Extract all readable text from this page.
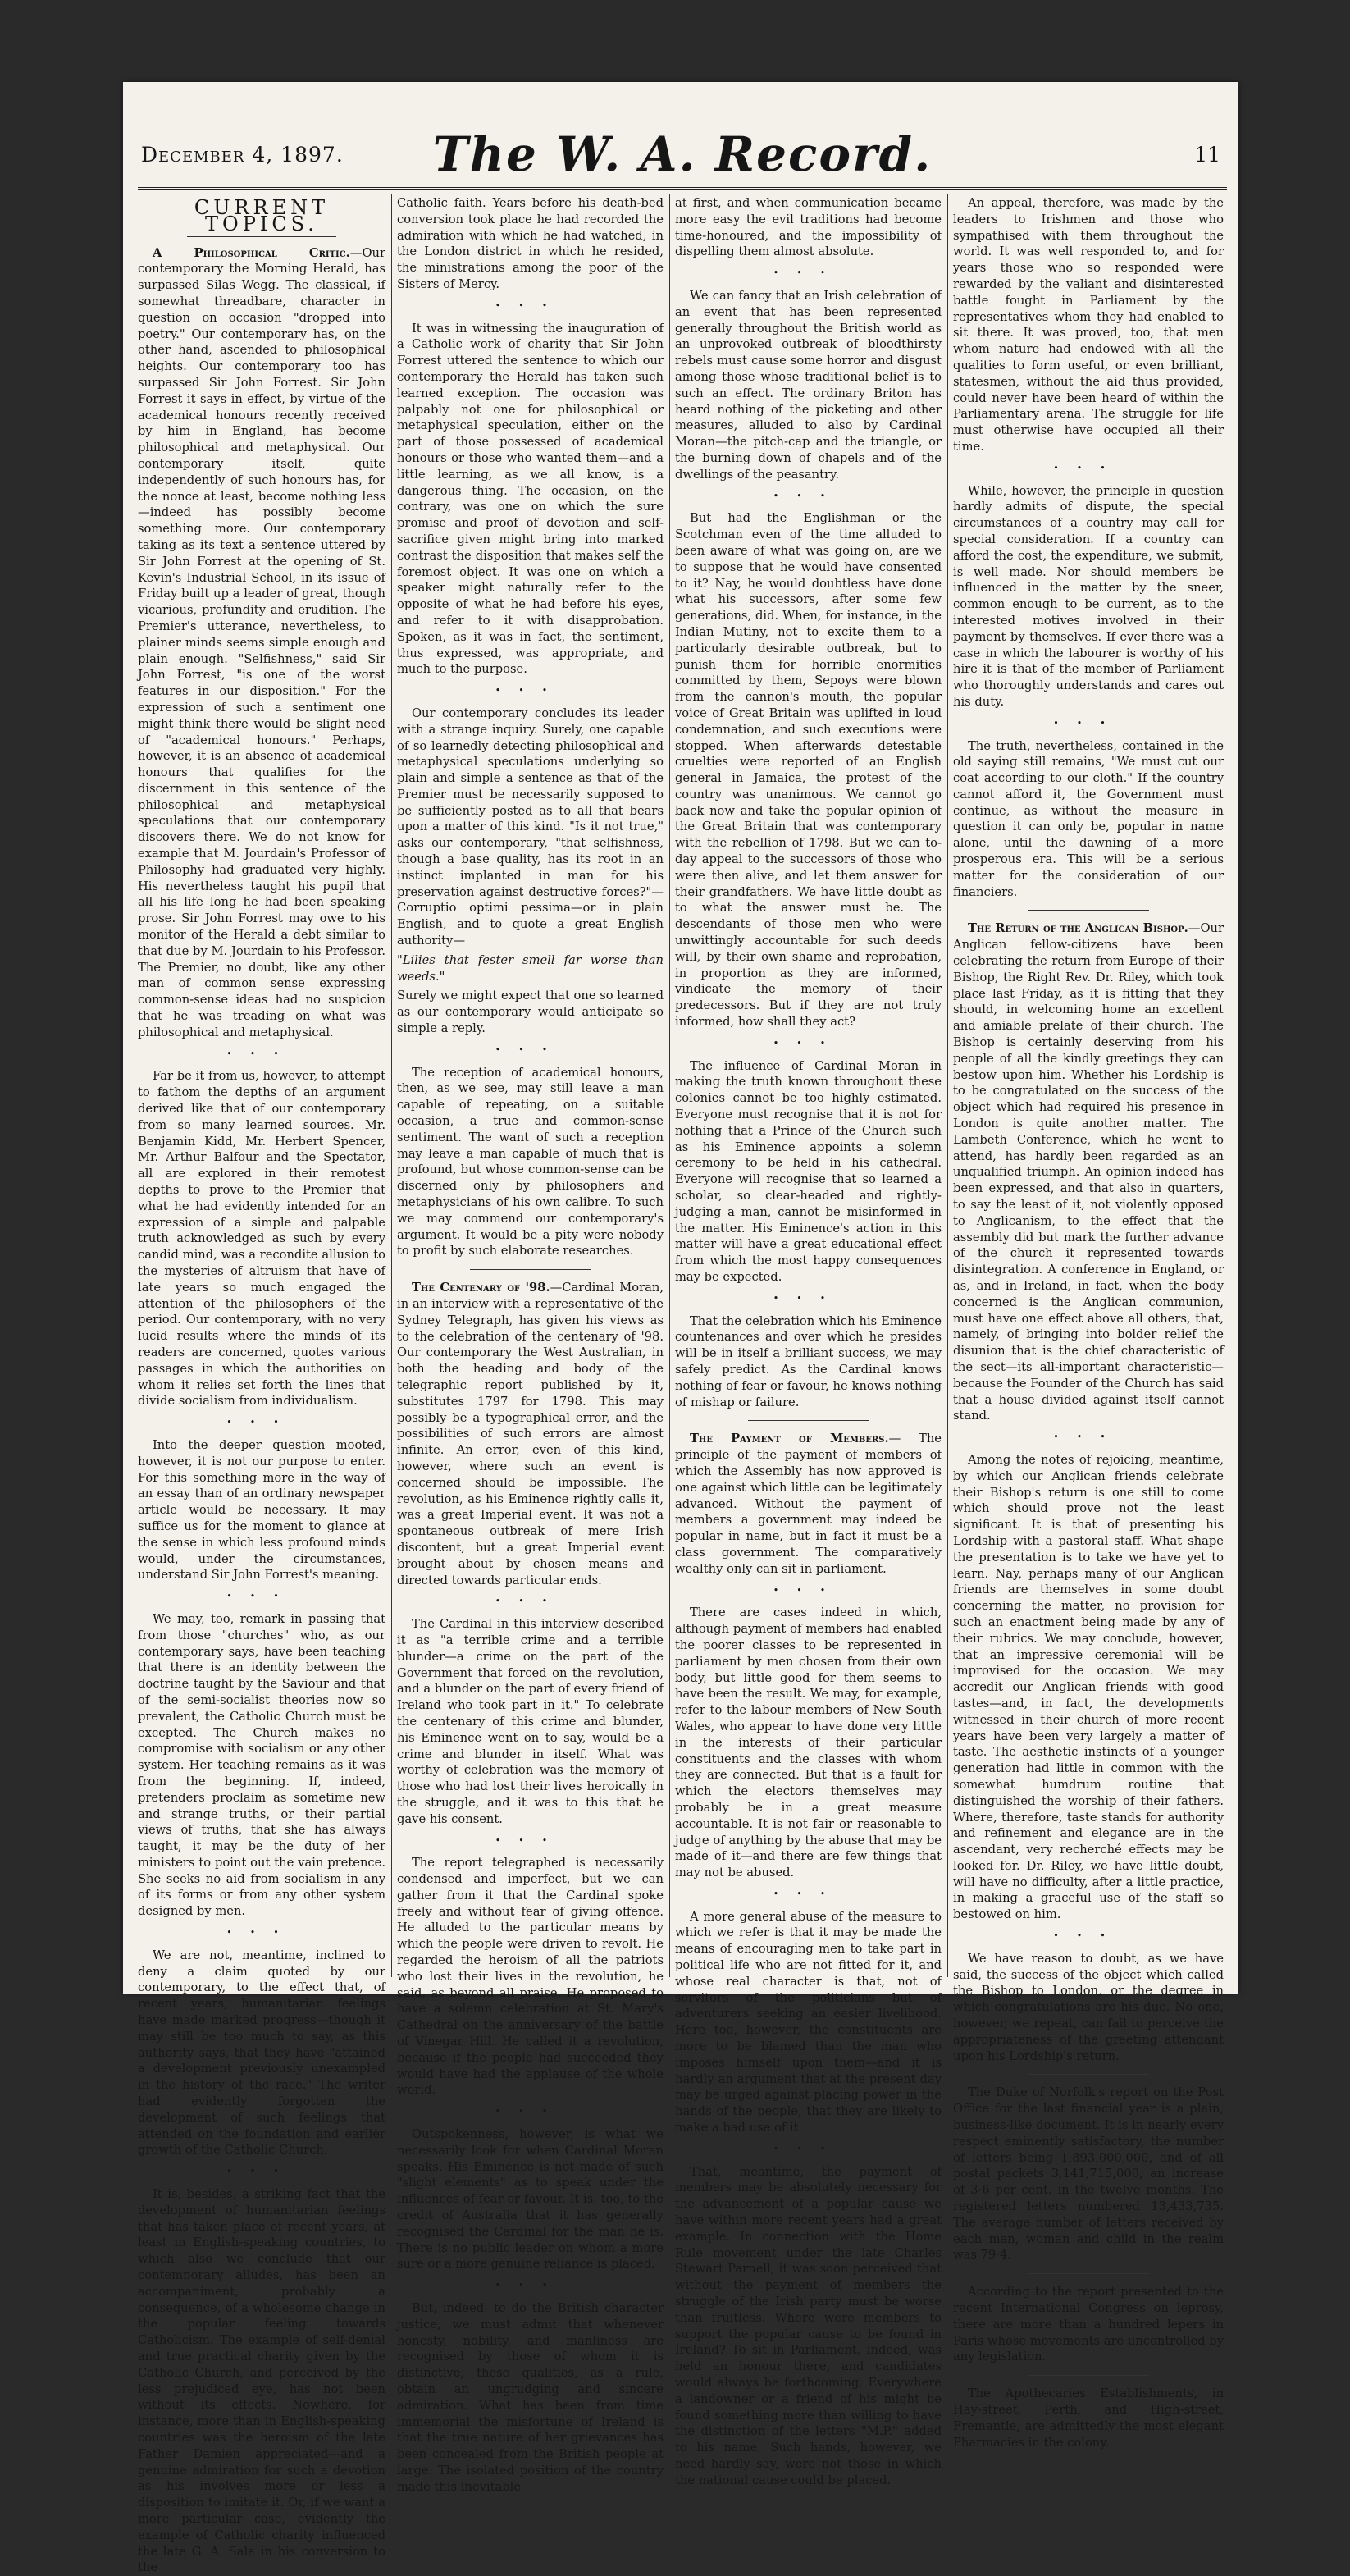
December 4, 1897.	The W. A. Record.	11
CURRENT TOPICS.

A Philosophical Critic.—Our contemporary the Morning Herald, has surpassed Silas Wegg. The classical, if somewhat threadbare, character in question on occasion "dropped into poetry." Our contemporary has, on the other hand, ascended to philosophical heights. Our contemporary too has surpassed Sir John Forrest. Sir John Forrest it says in effect, by virtue of the academical honours recently received by him in England, has become philosophical and metaphysical. Our contemporary itself, quite independently of such honours has, for the nonce at least, become nothing less—indeed has possibly become something more. Our contemporary taking as its text a sentence uttered by Sir John Forrest at the opening of St. Kevin's Industrial School, in its issue of Friday built up a leader of great, though vicarious, profundity and erudition. The Premier's utterance, nevertheless, to plainer minds seems simple enough and plain enough. "Selfishness," said Sir John Forrest, "is one of the worst features in our disposition." For the expression of such a sentiment one might think there would be slight need of "academical honours." Perhaps, however, it is an absence of academical honours that qualifies for the discernment in this sentence of the philosophical and metaphysical speculations that our contemporary discovers there. We do not know for example that M. Jourdain's Professor of Philosophy had graduated very highly. His nevertheless taught his pupil that all his life long he had been speaking prose. Sir John Forrest may owe to his monitor of the Herald a debt similar to that due by M. Jourdain to his Professor. The Premier, no doubt, like any other man of common sense expressing common-sense ideas had no suspicion that he was treading on what was philosophical and metaphysical.

•••

Far be it from us, however, to attempt to fathom the depths of an argument derived like that of our contemporary from so many learned sources. Mr. Benjamin Kidd, Mr. Herbert Spencer, Mr. Arthur Balfour and the Spectator, all are explored in their remotest depths to prove to the Premier that what he had evidently intended for an expression of a simple and palpable truth acknowledged as such by every candid mind, was a recondite allusion to the mysteries of altruism that have of late years so much engaged the attention of the philosophers of the period. Our contemporary, with no very lucid results where the minds of its readers are concerned, quotes various passages in which the authorities on whom it relies set forth the lines that divide socialism from individualism.

•••

Into the deeper question mooted, however, it is not our purpose to enter. For this something more in the way of an essay than of an ordinary newspaper article would be necessary. It may suffice us for the moment to glance at the sense in which less profound minds would, under the circumstances, understand Sir John Forrest's meaning.

•••

We may, too, remark in passing that from those "churches" who, as our contemporary says, have been teaching that there is an identity between the doctrine taught by the Saviour and that of the semi-socialist theories now so prevalent, the Catholic Church must be excepted. The Church makes no compromise with socialism or any other system. Her teaching remains as it was from the beginning. If, indeed, pretenders proclaim as sometime new and strange truths, or their partial views of truths, that she has always taught, it may be the duty of her ministers to point out the vain pretence. She seeks no aid from socialism in any of its forms or from any other system designed by men.

•••

We are not, meantime, inclined to deny a claim quoted by our contemporary, to the effect that, of recent years, humanitarian feelings have made marked progress—though it may still be too much to say, as this authority says, that they have "attained a development previously unexampled in the history of the race." The writer had evidently forgotten the development of such feelings that attended on the foundation and earlier growth of the Catholic Church.

•••

It is, besides, a striking fact that the development of humanitarian feelings that has taken place of recent years, at least in English-speaking countries, to which also we conclude that our contemporary alludes, has been an accompaniment, probably a consequence, of a wholesome change in the popular feeling towards Catholicism. The example of self-denial and true practical charity given by the Catholic Church, and perceived by the less prejudiced eye, has not been without its effects. Nowhere, for instance, more than in English-speaking countries was the heroism of the late Father Damien appreciated—and a genuine admiration for such a devotion as his involves more or less a disposition to imitate it. Or, if we want a more particular case, evidently the example of Catholic charity influenced the late G. A. Sala in his conversion to the

Catholic faith. Years before his death-bed conversion took place he had recorded the admiration with which he had watched, in the London district in which he resided, the ministrations among the poor of the Sisters of Mercy.

•••

It was in witnessing the inauguration of a Catholic work of charity that Sir John Forrest uttered the sentence to which our contemporary the Herald has taken such learned exception. The occasion was palpably not one for philosophical or metaphysical speculation, either on the part of those possessed of academical honours or those who wanted them—and a little learning, as we all know, is a dangerous thing. The occasion, on the contrary, was one on which the sure promise and proof of devotion and self-sacrifice given might bring into marked contrast the disposition that makes self the foremost object. It was one on which a speaker might naturally refer to the opposite of what he had before his eyes, and refer to it with disapprobation. Spoken, as it was in fact, the sentiment, thus expressed, was appropriate, and much to the purpose.

•••

Our contemporary concludes its leader with a strange inquiry. Surely, one capable of so learnedly detecting philosophical and metaphysical speculations underlying so plain and simple a sentence as that of the Premier must be necessarily supposed to be sufficiently posted as to all that bears upon a matter of this kind. "Is it not true," asks our contemporary, "that selfishness, though a base quality, has its root in an instinct implanted in man for his preservation against destructive forces?"—Corruptio optimi pessima—or in plain English, and to quote a great English authority—

"Lilies that fester smell far worse than weeds."

Surely we might expect that one so learned as our contemporary would anticipate so simple a reply.

•••

The reception of academical honours, then, as we see, may still leave a man capable of repeating, on a suitable occasion, a true and common-sense sentiment. The want of such a reception may leave a man capable of much that is profound, but whose common-sense can be discerned only by philosophers and metaphysicians of his own calibre. To such we may commend our contemporary's argument. It would be a pity were nobody to profit by such elaborate researches.

The Centenary of '98.—Cardinal Moran, in an interview with a representative of the Sydney Telegraph, has given his views as to the celebration of the centenary of '98. Our contemporary the West Australian, in both the heading and body of the telegraphic report published by it, substitutes 1797 for 1798. This may possibly be a typographical error, and the possibilities of such errors are almost infinite. An error, even of this kind, however, where such an event is concerned should be impossible. The revolution, as his Eminence rightly calls it, was a great Imperial event. It was not a spontaneous outbreak of mere Irish discontent, but a great Imperial event brought about by chosen means and directed towards particular ends.

•••

The Cardinal in this interview described it as "a terrible crime and a terrible blunder—a crime on the part of the Government that forced on the revolution, and a blunder on the part of every friend of Ireland who took part in it." To celebrate the centenary of this crime and blunder, his Eminence went on to say, would be a crime and blunder in itself. What was worthy of celebration was the memory of those who had lost their lives heroically in the struggle, and it was to this that he gave his consent.

•••

The report telegraphed is necessarily condensed and imperfect, but we can gather from it that the Cardinal spoke freely and without fear of giving offence. He alluded to the particular means by which the people were driven to revolt. He regarded the heroism of all the patriots who lost their lives in the revolution, he said, as beyond all praise. He proposed to have a solemn celebration at St. Mary's Cathedral on the anniversary of the battle of Vinegar Hill. He called it a revolution, because if the people had succeeded they would have had the applause of the whole world.

•••

Outspokenness, however, is what we necessarily look for when Cardinal Moran speaks. His Eminence is not made of such "slight elements" as to speak under the influences of fear or favour. It is, too, to the credit of Australia that it has generally recognised the Cardinal for the man he is. There is no public leader on whom a more sure or a more genuine reliance is placed.

•••

But, indeed, to do the British character justice, we must admit that whenever honesty, nobility, and manliness are recognised by those of whom it is distinctive, these qualities, as a rule, obtain an ungrudging and sincere admiration. What has been from time immemorial the misfortune of Ireland is that the true nature of her grievances has been concealed from the British people at large. The isolated position of the country made this inevitable

at first, and when communication became more easy the evil traditions had become time-honoured, and the impossibility of dispelling them almost absolute.

•••

We can fancy that an Irish celebration of an event that has been represented generally throughout the British world as an unprovoked outbreak of bloodthirsty rebels must cause some horror and disgust among those whose traditional belief is to such an effect. The ordinary Briton has heard nothing of the picketing and other measures, alluded to also by Cardinal Moran—the pitch-cap and the triangle, or the burning down of chapels and of the dwellings of the peasantry.

•••

But had the Englishman or the Scotchman even of the time alluded to been aware of what was going on, are we to suppose that he would have consented to it? Nay, he would doubtless have done what his successors, after some few generations, did. When, for instance, in the Indian Mutiny, not to excite them to a particularly desirable outbreak, but to punish them for horrible enormities committed by them, Sepoys were blown from the cannon's mouth, the popular voice of Great Britain was uplifted in loud condemnation, and such executions were stopped. When afterwards detestable cruelties were reported of an English general in Jamaica, the protest of the country was unanimous. We cannot go back now and take the popular opinion of the Great Britain that was contemporary with the rebellion of 1798. But we can to-day appeal to the successors of those who were then alive, and let them answer for their grandfathers. We have little doubt as to what the answer must be. The descendants of those men who were unwittingly accountable for such deeds will, by their own shame and reprobation, in proportion as they are informed, vindicate the memory of their predecessors. But if they are not truly informed, how shall they act?

•••

The influence of Cardinal Moran in making the truth known throughout these colonies cannot be too highly estimated. Everyone must recognise that it is not for nothing that a Prince of the Church such as his Eminence appoints a solemn ceremony to be held in his cathedral. Everyone will recognise that so learned a scholar, so clear-headed and rightly-judging a man, cannot be misinformed in the matter. His Eminence's action in this matter will have a great educational effect from which the most happy consequences may be expected.

•••

That the celebration which his Eminence countenances and over which he presides will be in itself a brilliant success, we may safely predict. As the Cardinal knows nothing of fear or favour, he knows nothing of mishap or failure.

The Payment of Members.— The principle of the payment of members of which the Assembly has now approved is one against which little can be legitimately advanced. Without the payment of members a government may indeed be popular in name, but in fact it must be a class government. The comparatively wealthy only can sit in parliament.

•••

There are cases indeed in which, although payment of members had enabled the poorer classes to be represented in parliament by men chosen from their own body, but little good for them seems to have been the result. We may, for example, refer to the labour members of New South Wales, who appear to have done very little in the interests of their particular constituents and the classes with whom they are connected. But that is a fault for which the electors themselves may probably be in a great measure accountable. It is not fair or reasonable to judge of anything by the abuse that may be made of it—and there are few things that may not be abused.

•••

A more general abuse of the measure to which we refer is that it may be made the means of encouraging men to take part in political life who are not fitted for it, and whose real character is that, not of servitors of the politicians but of adventurers seeking an easier livelihood. Here too, however, the constituents are more to be blamed than the man who imposes himself upon them—and it is hardly an argument that at the present day may be urged against placing power in the hands of the people, that they are likely to make a bad use of it.

•••

That, meantime, the payment of members may be absolutely necessary for the advancement of a popular cause we have within more recent years had a great example. In connection with the Home Rule movement under the late Charles Stewart Parnell, it was soon perceived that without the payment of members the struggle of the Irish party must be worse than fruitless. Where were members to support the popular cause to be found in Ireland? To sit in Parliament, indeed, was held an honour there, and candidates would always be forthcoming. Everywhere a landowner or a friend of his might be found something more than willing to have the distinction of the letters "M.P." added to his name. Such hands, however, we need hardly say, were not those in which the national cause could be placed.

An appeal, therefore, was made by the leaders to Irishmen and those who sympathised with them throughout the world. It was well responded to, and for years those who so responded were rewarded by the valiant and disinterested battle fought in Parliament by the representatives whom they had enabled to sit there. It was proved, too, that men whom nature had endowed with all the qualities to form useful, or even brilliant, statesmen, without the aid thus provided, could never have been heard of within the Parliamentary arena. The struggle for life must otherwise have occupied all their time.

•••

While, however, the principle in question hardly admits of dispute, the special circumstances of a country may call for special consideration. If a country can afford the cost, the expenditure, we submit, is well made. Nor should members be influenced in the matter by the sneer, common enough to be current, as to the interested motives involved in their payment by themselves. If ever there was a case in which the labourer is worthy of his hire it is that of the member of Parliament who thoroughly understands and cares out his duty.

•••

The truth, nevertheless, contained in the old saying still remains, "We must cut our coat according to our cloth." If the country cannot afford it, the Government must continue, as without the measure in question it can only be, popular in name alone, until the dawning of a more prosperous era. This will be a serious matter for the consideration of our financiers.

The Return of the Anglican Bishop.—Our Anglican fellow-citizens have been celebrating the return from Europe of their Bishop, the Right Rev. Dr. Riley, which took place last Friday, as it is fitting that they should, in welcoming home an excellent and amiable prelate of their church. The Bishop is certainly deserving from his people of all the kindly greetings they can bestow upon him. Whether his Lordship is to be congratulated on the success of the object which had required his presence in London is quite another matter. The Lambeth Conference, which he went to attend, has hardly been regarded as an unqualified triumph. An opinion indeed has been expressed, and that also in quarters, to say the least of it, not violently opposed to Anglicanism, to the effect that the assembly did but mark the further advance of the church it represented towards disintegration. A conference in England, or as, and in Ireland, in fact, when the body concerned is the Anglican communion, must have one effect above all others, that, namely, of bringing into bolder relief the disunion that is the chief characteristic of the sect—its all-important characteristic—because the Founder of the Church has said that a house divided against itself cannot stand.

•••

Among the notes of rejoicing, meantime, by which our Anglican friends celebrate their Bishop's return is one still to come which should prove not the least significant. It is that of presenting his Lordship with a pastoral staff. What shape the presentation is to take we have yet to learn. Nay, perhaps many of our Anglican friends are themselves in some doubt concerning the matter, no provision for such an enactment being made by any of their rubrics. We may conclude, however, that an impressive ceremonial will be improvised for the occasion. We may accredit our Anglican friends with good tastes—and, in fact, the developments witnessed in their church of more recent years have been very largely a matter of taste. The aesthetic instincts of a younger generation had little in common with the somewhat humdrum routine that distinguished the worship of their fathers. Where, therefore, taste stands for authority and refinement and elegance are in the ascendant, very recherché effects may be looked for. Dr. Riley, we have little doubt, will have no difficulty, after a little practice, in making a graceful use of the staff so bestowed on him.

•••

We have reason to doubt, as we have said, the success of the object which called the Bishop to London, or the degree in which congratulations are his due. No one, however, we repeat, can fail to perceive the appropriateness of the greeting attendant upon his Lordship's return.

The Duke of Norfolk's report on the Post Office for the last financial year is a plain, business-like document. It is in nearly every respect eminently satisfactory, the number of letters being 1,893,000,000, and of all postal packets 3,141,715,000, an increase of 3·6 per cent. in the twelve months. The registered letters numbered 13,433,735. The average number of letters received by each man, woman and child in the realm was 79·4.

According to the report presented to the recent International Congress on leprosy, there are more than a hundred lepers in Paris whose movements are uncontrolled by any legislation.

The Apothecaries Establishments, in Hay-street, Perth, and High-street, Fremantle, are admittedly the most elegant Pharmacies in the colony.
